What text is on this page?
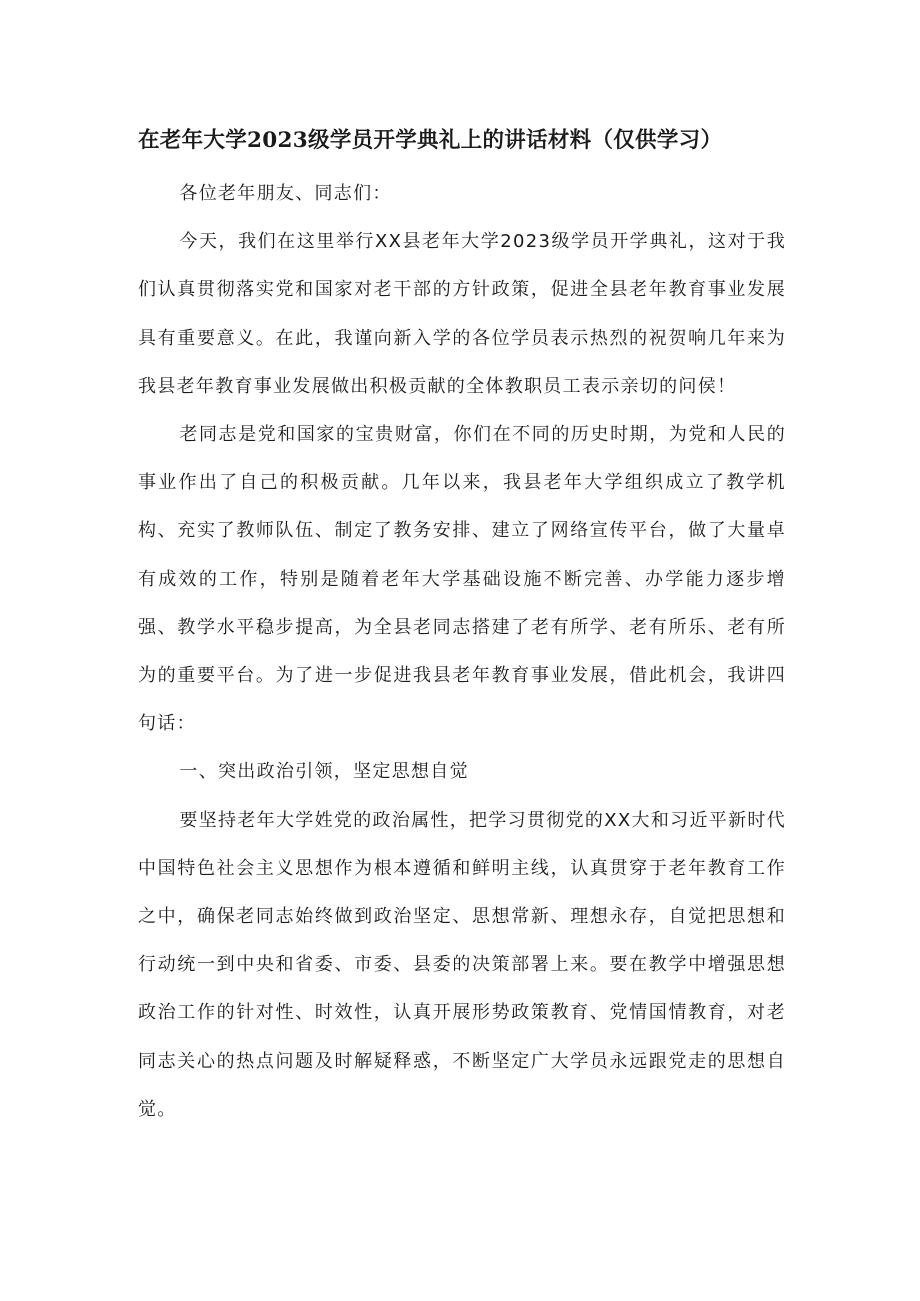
在老年大学2023级学员开学典礼上的讲话材料（仅供学习）

各位老年朋友、同志们：

今天，我们在这里举行XX县老年大学2023级学员开学典礼，这对于我们认真贯彻落实党和国家对老干部的方针政策，促进全县老年教育事业发展具有重要意义。在此，我谨向新入学的各位学员表示热烈的祝贺响几年来为我县老年教育事业发展做出积极贡献的全体教职员工表示亲切的问侯！

老同志是党和国家的宝贵财富，你们在不同的历史时期，为党和人民的事业作出了自己的积极贡献。几年以来，我县老年大学组织成立了教学机构、充实了教师队伍、制定了教务安排、建立了网络宣传平台，做了大量卓有成效的工作，特别是随着老年大学基础设施不断完善、办学能力逐步增强、教学水平稳步提高，为全县老同志搭建了老有所学、老有所乐、老有所为的重要平台。为了进一步促进我县老年教育事业发展，借此机会，我讲四句话：

一、突出政治引领，坚定思想自觉

要坚持老年大学姓党的政治属性，把学习贯彻党的XX大和习近平新时代中国特色社会主义思想作为根本遵循和鲜明主线，认真贯穿于老年教育工作之中，确保老同志始终做到政治坚定、思想常新、理想永存，自觉把思想和行动统一到中央和省委、市委、县委的决策部署上来。要在教学中增强思想政治工作的针对性、时效性，认真开展形势政策教育、党情国情教育，对老同志关心的热点问题及时解疑释惑，不断坚定广大学员永远跟党走的思想自觉。
